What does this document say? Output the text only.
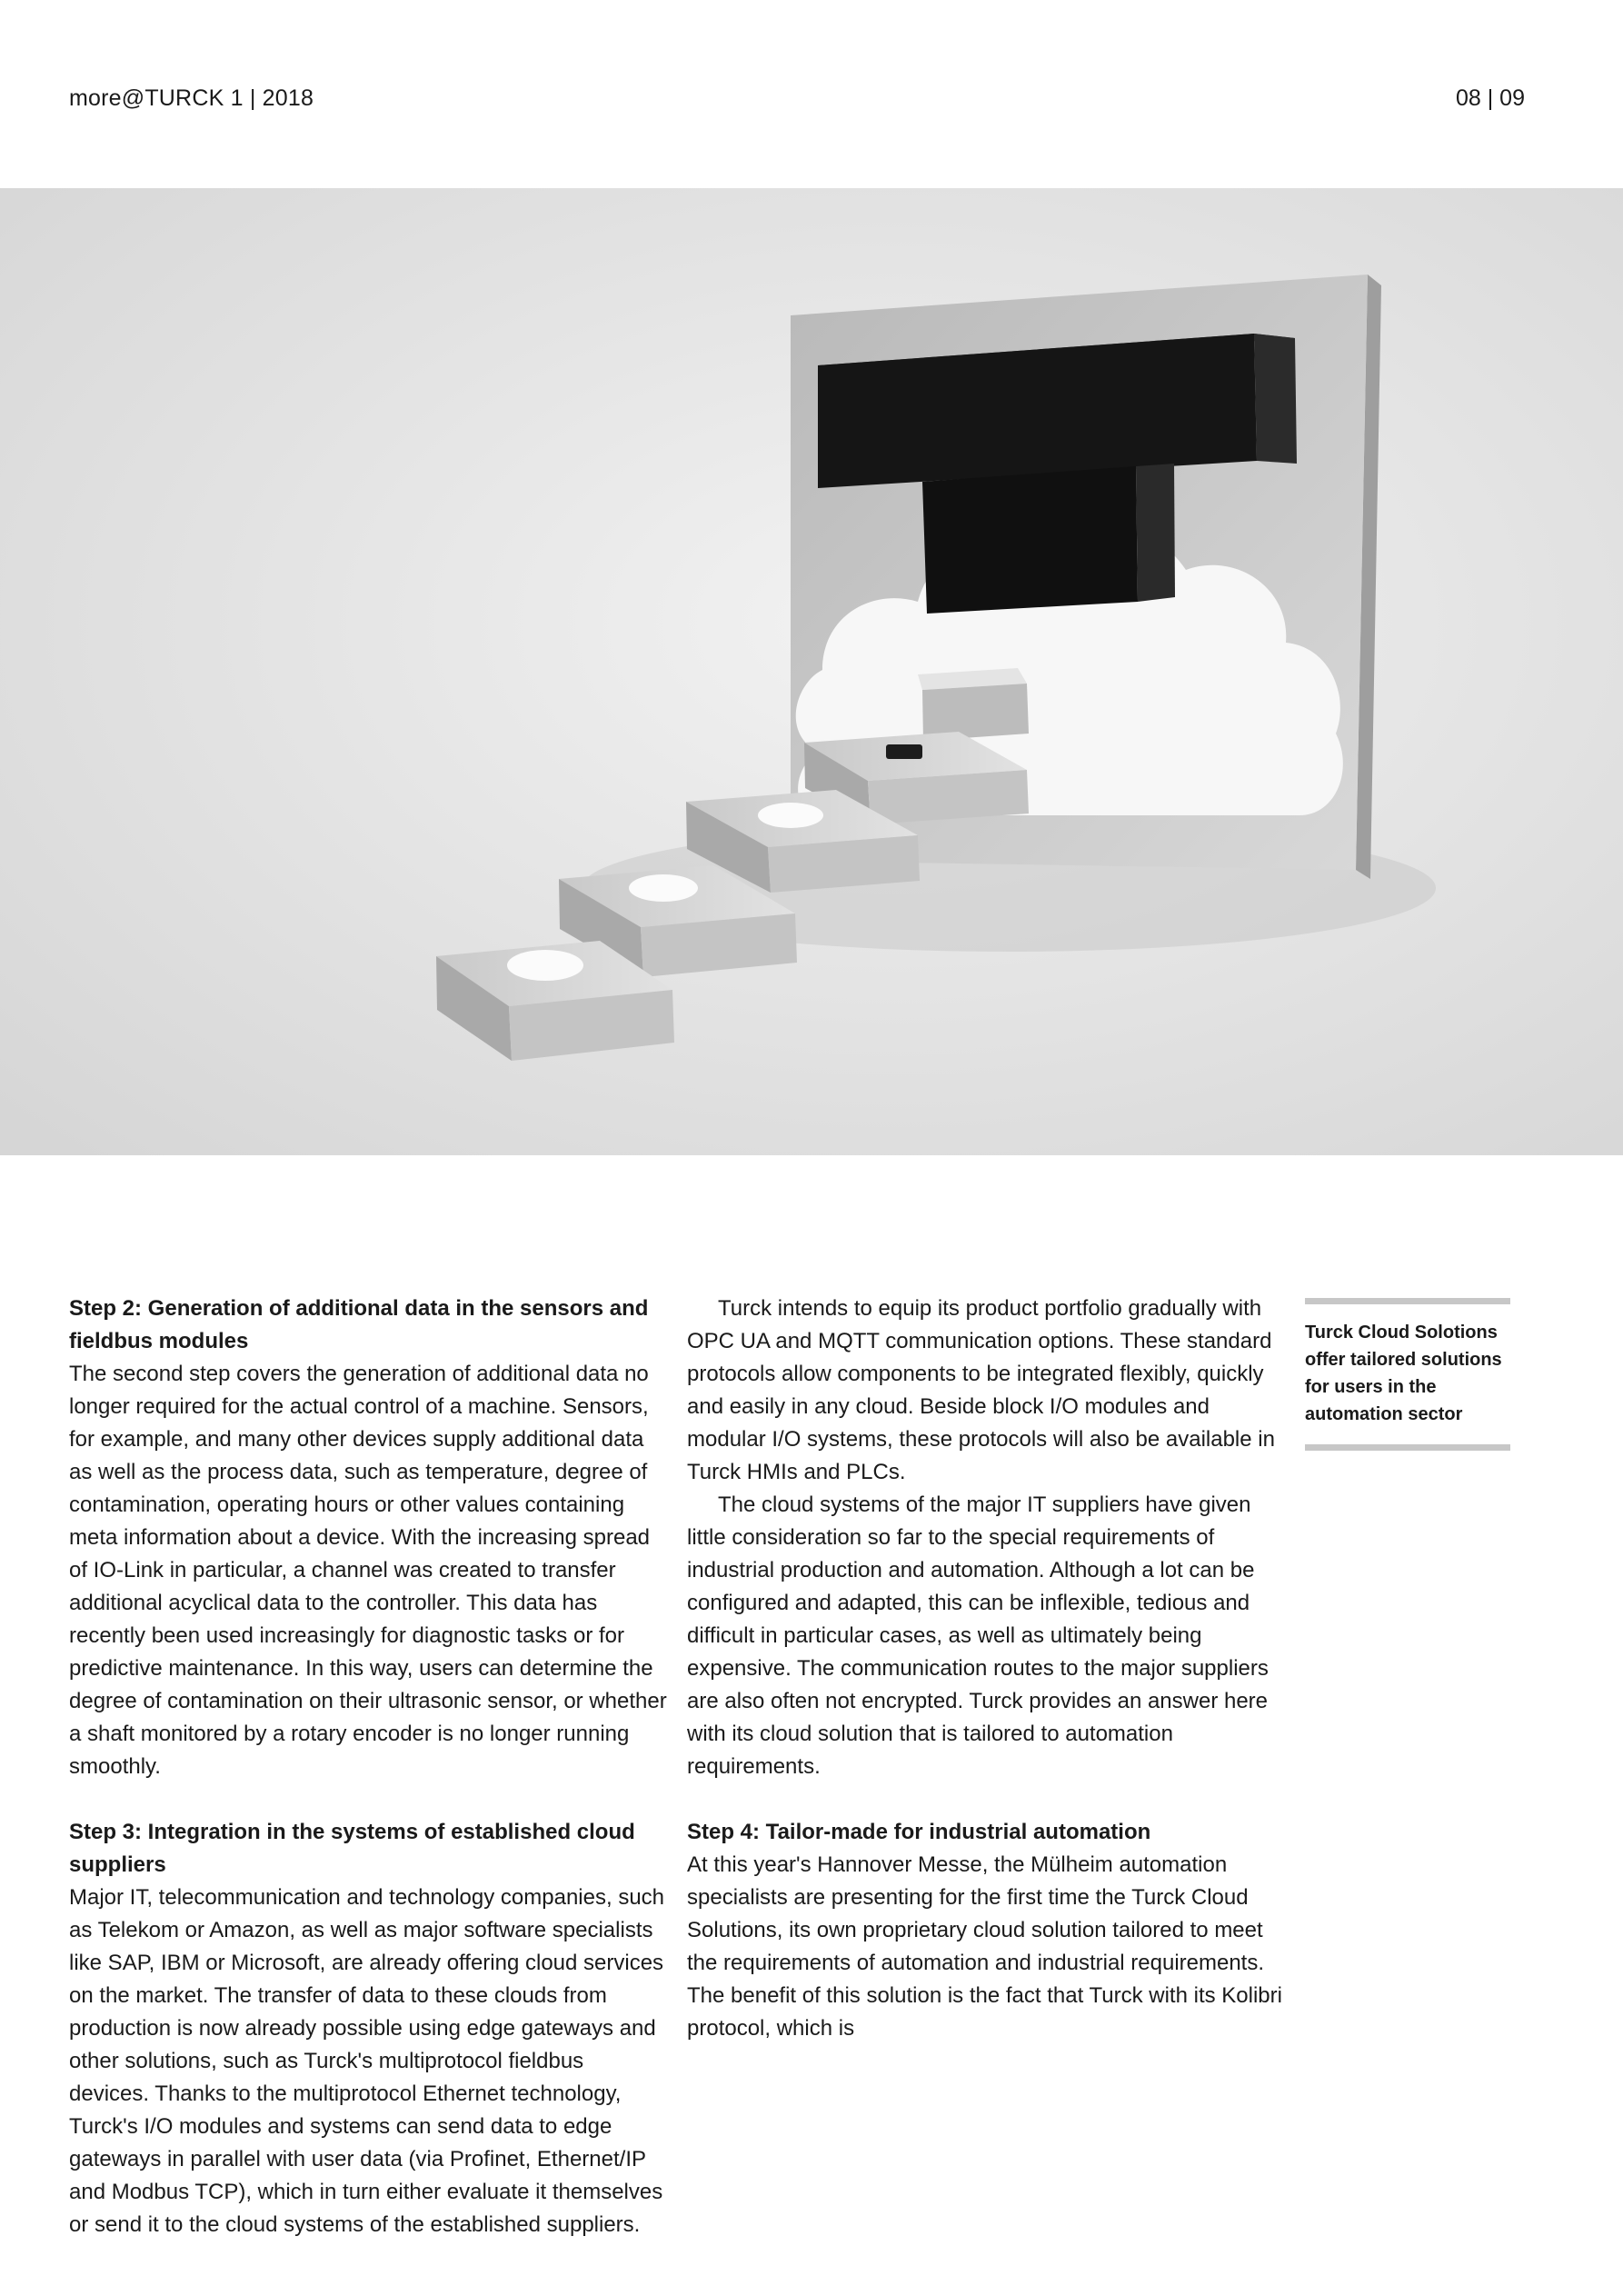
more@TURCK 1 | 2018	08 | 09
Step 2: Generation of additional data in the sensors and fieldbus modules

The second step covers the generation of additional data no longer required for the actual control of a machine. Sensors, for example, and many other devices supply additional data as well as the process data, such as temperature, degree of contamination, operating hours or other values containing meta information about a device. With the increasing spread of IO-Link in particular, a channel was created to transfer additional acyclical data to the controller. This data has recently been used increasingly for diagnostic tasks or for predictive maintenance. In this way, users can determine the degree of contamination on their ultrasonic sensor, or whether a shaft monitored by a rotary encoder is no longer running smoothly.

Step 3: Integration in the systems of established cloud suppliers

Major IT, telecommunication and technology companies, such as Telekom or Amazon, as well as major software specialists like SAP, IBM or Microsoft, are already offering cloud services on the market. The transfer of data to these clouds from production is now already possible using edge gateways and other solutions, such as Turck's multiprotocol fieldbus devices. Thanks to the multiprotocol Ethernet technology, Turck's I/O modules and systems can send data to edge gateways in parallel with user data (via Profinet, Ethernet/IP and Modbus TCP), which in turn either evaluate it themselves or send it to the cloud systems of the established suppliers.

Turck intends to equip its product portfolio gradually with OPC UA and MQTT communication options. These standard protocols allow components to be integrated flexibly, quickly and easily in any cloud. Beside block I/O modules and modular I/O systems, these protocols will also be available in Turck HMIs and PLCs.

The cloud systems of the major IT suppliers have given little consideration so far to the special requirements of industrial production and automation. Although a lot can be configured and adapted, this can be inflexible, tedious and difficult in particular cases, as well as ultimately being expensive. The communication routes to the major suppliers are also often not encrypted. Turck provides an answer here with its cloud solution that is tailored to automation requirements.

Step 4: Tailor-made for industrial automation

At this year's Hannover Messe, the Mülheim automation specialists are presenting for the first time the Turck Cloud Solutions, its own proprietary cloud solution tailored to meet the requirements of automation and industrial requirements. The benefit of this solution is the fact that Turck with its Kolibri protocol, which is

Turck Cloud Solotions offer tailored solutions for users in the automation sector
